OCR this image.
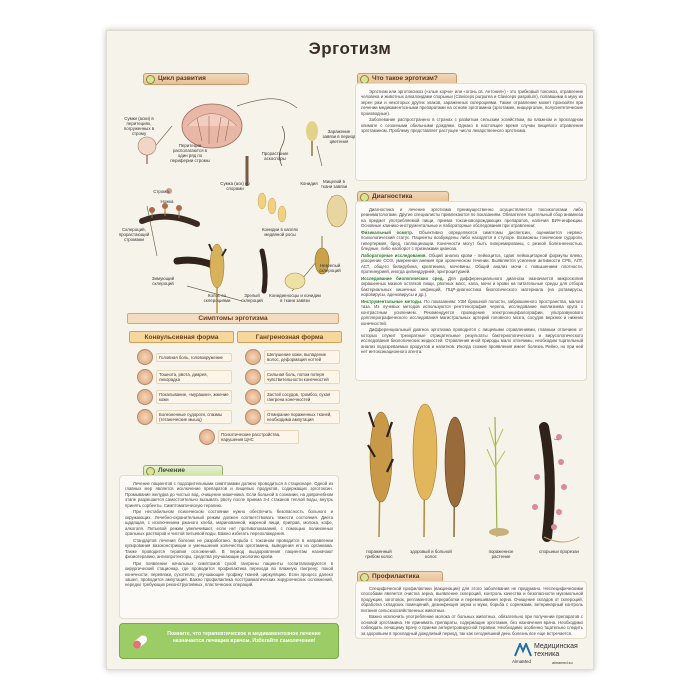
Эрготизм
Цикл развития
Сумки (аски) в перитециях, погруженных в строму
Перитеции располагаются в один ряд по периферии стромы
Строма
Ножка
Склероций, прорастающий стромами
Зимующий склероций
Прорастание аскоспоры
Сумка (аск) со спорами
Конидия
Заражение завязи в период цветения
Мицелий в ткани завязи
Конидии в каплях медвяной росы
Незрелый склероций
Колос со склероциями
Зрелый склероций
Конидиеносцы и конидии в ткани завязи
Что такое эрготизм?

Эрготизм или эрготоксикоз («злые корчи» или «огонь св. Антония») - это грибковый токсикоз, отравление человека и животных алкалоидами спорыньи (Claviceps purpurea и Claviceps paspalum), попавшими в муку из зерен ржи и некоторых других злаков, зараженных склероциями. Также отравление может произойти при лечении медикаментозными препаратами на основе эрготамина (эрготамин, ниацерголин, полусинтетические производные).

Заболевание распространено в странах с развитым сельским хозяйством, во влажном и прохладном климате с сезонными обильными дождями. Однако в настоящее время случаи пищевого отравления эрготамином. Проблему представляет растущее число лекарственного эрготизма.

Диагностика

Диагностика и лечение эрготизма преимущественно осуществляется токсикологами либо реаниматологами. Другие специалисты привлекаются по показаниям. Обязателен тщательный сбор анамнеза на предмет употребляемой пищи, приема токсиновозрождающих препаратов, наличия ВИЧ-инфекции. Основные клинико-инструментальные и лабораторные обследования при отравлении:

Физикальный осмотр. Объективно определяются симптомы диспепсии, оценивается нервно-психологический статус. Пациенты возбуждены либо находятся в ступоре. Возможны тонические судороги, гипертермия, бред, галлюцинации. Конечности могут быть гиперемированы, с резкой болезненностью, бледные, либо наоборот с признаками цианоза.

Лабораторные исследования. Общий анализ крови - лейкоцитоз, сдвиг лейкоцитарной формулы влево, ускорение СОЭ, умеренная анемия при хроническом течении. Выявляется усиление активности СРБ, АЛТ, АСТ, общего билирубина, креатинина, мочевины. Общий анализ мочи с повышением плотности, протеинурией, иногда цилиндрурией, эритроцитурией.

Исследование биологических сред. Для дифференциального диагноза назначается микроскопия окрашенных мазков остатков пищи, рвотных масс, кала, мочи и крови на питательные среды для отбора бактериальных кишечных инфекций, ПЦР-диагностика биологического материала (на ротавирусы, норовирусы, аденовирусы и др.).

Инструментальные методы. По показаниям: УЗИ брюшной полости, забрюшинного пространства, малого таза. Из лучевых методов используются рентгенография черепа, исследование виллизиева круга с контрастным усилением. Рекомендуется проведение электроэнцефалографии, ультразвукового допплерографического исследования магистральных артерий головного мозга, сосудов верхних и нижних конечностей.

Дифференциальный диагноз эрготизма проводится с пищевыми отравлениями, главным отличием от которых служит трехкратные отрицательные результаты бактериологического и вирусологического исследования биологических жидкостей. Отравления иной природы мало отличимы, необходим тщательный анализ подозреваемых продуктов и напитков. Иногда схожие проявления имеет болезнь Рейно, но при ней нет интоксикационного агента.

Симптомы эрготизма
Конвульсивная форма	Гангренозная форма
Головная боль, головокружение
Тошнота, рвота, диарея, лихорадка
Покалывание, «мурашки», жжение кожи
Болезненные судороги, спазмы (тетанические мышц)
Психотические расстройства, нарушения ЦНС
Шелушение кожи, выпадение волос, деформация ногтей
Сильная боль, потом потеря чувствительности конечностей
Застой сосудов, тромбоз, сухая гангрена конечностей
Отмирание пораженных тканей, необходима ампутация
Лечение

Лечение пациентов с подозрительными симптомами должно проводиться в стационаре. Одной из главных мер является исключение препаратов и пищевых продуктов, содержащих эрготоксин. Промывание желудка до чистых вод, очищение кишечника. Если больной в сознании, на доврачебном этапе разрешается самостоятельно вызывать рвоту после приема 3-4 стаканов теплой воды, внутрь принять сорбенты. Симптоматическую терапию.

При нестабильном психическом состоянии нужно обеспечить безопасность больного и окружающих. Лечебно-охранительный режим должен соответствовать тяжести состояния. Диета щадящая, с исключением ржаного хлеба, маринованной, жареной пищи, приправ, молока, кофе, алкоголя. Питьевой режим увеличивают, если нет противопоказаний, с помощью полиионных оральных растворов и чистой питьевой воды. Важно избегать переохлаждения.

Стандартов лечения болезни не разработано. Борьба с токсином проводится в направлении купирования вазоконстрикции и уменьшения количества эрготамина, выведения его из организма. Также проводится терапия осложнений. В период выздоровления пациентам назначают физиотерапию, ангиопротекторы, средства улучшающие реологию крови.

При появлении начальных симптомов сухой гангрены пациенты госпитализируются в хирургический стационар, где проводится профилактика перехода во влажную гангрену; покой конечности, перевязки, сухотепло, улучшающие трофику тканей, циркуляцию. Если процесс далеко зашел, проводится ампутация. Важно профилактика посттравматических хирургических осложнений, нередко требующих реконструктивных, пластических операций.

Помните, что терапевтическое и медикаментозное лечение назначается лечащим врачом. Избегайте самолечения!
пораженный грибом колос
здоровый и больной колос
пораженное растение
спорыньи прорезан
Профилактика

Специфической профилактики (вакцинации) для этого заболевания не придумано. Неспецифическими способами является очистка зерна, выявление склероций, контроль качества и безопасности мукомольной продукции, заготовок, регламентов переработки и перемешивания зерна. Очищение складов от склероций, обработка складских помещений, дезинфекция зерна и муки, борьба с сорняками, ветеринарный контроль питания сельскохозяйственных животных.

Важно исключить употребление молока от больных животных, обязательно при получении препаратов с основой эрготамина. Не принимать препараты, содержащие эрготамин, без назначения врача. Необходимо соблюдать лечащему врачу о приеме антиретровирусной терапии. Необходимо особенно тщательно следить за здоровьем в прохладный дождливый период, так как сегодняшний день болезнь все еще встречается.

Медицинская
техника
AlmaMed	almamed.su
